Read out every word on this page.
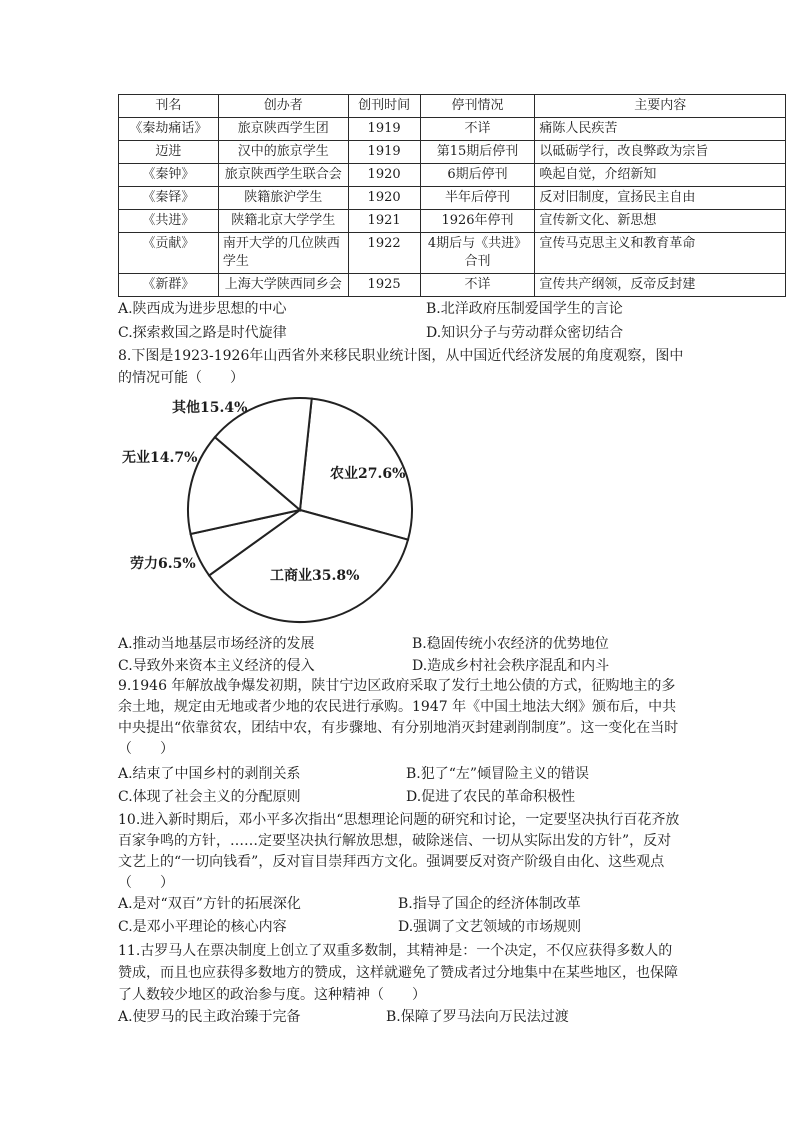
刊名	创办者	创刊时间	停刊情况	主要内容
《秦劫痛话》	旅京陕西学生团	1919	不详	痛陈人民疾苦
迈进	汉中的旅京学生	1919	第15期后停刊	以砥砺学行，改良弊政为宗旨
《秦钟》	旅京陕西学生联合会	1920	6期后停刊	唤起自觉，介绍新知
《秦铎》	陕籍旅沪学生	1920	半年后停刊	反对旧制度，宣扬民主自由
《共进》	陕籍北京大学学生	1921	1926年停刊	宣传新文化、新思想
《贡献》	南开大学的几位陕西学生	1922	4期后与《共进》合刊	宣传马克思主义和教育革命
《新群》	上海大学陕西同乡会	1925	不详	宣传共产纲领，反帝反封建
A.陕西成为进步思想的中心	B.北洋政府压制爱国学生的言论
C.探索救国之路是时代旋律	D.知识分子与劳动群众密切结合
8.下图是1923-1926年山西省外来移民职业统计图，从中国近代经济发展的角度观察，图中
的情况可能（　　）
农业27.6%
工商业35.8%
劳力6.5%
无业14.7%
其他15.4%
A.推动当地基层市场经济的发展	B.稳固传统小农经济的优势地位
C.导致外来资本主义经济的侵入	D.造成乡村社会秩序混乱和内斗
9.1946 年解放战争爆发初期，陕甘宁边区政府采取了发行土地公债的方式，征购地主的多余土地，规定由无地或者少地的农民进行承购。1947 年《中国土地法大纲》颁布后，中共中央提出“依靠贫农，团结中农，有步骤地、有分别地消灭封建剥削制度”。这一变化在当时（　　）
A.结束了中国乡村的剥削关系	B.犯了“左”倾冒险主义的错误
C.体现了社会主义的分配原则	D.促进了农民的革命积极性
10.进入新时期后，邓小平多次指出“思想理论问题的研究和讨论，一定要坚决执行百花齐放百家争鸣的方针，……定要坚决执行解放思想，破除迷信、一切从实际出发的方针”，反对文艺上的“一切向钱看”，反对盲目崇拜西方文化。强调要反对资产阶级自由化、这些观点（　　）
A.是对“双百”方针的拓展深化	B.指导了国企的经济体制改革
C.是邓小平理论的核心内容	D.强调了文艺领域的市场规则
11.古罗马人在票决制度上创立了双重多数制，其精神是：一个决定，不仅应获得多数人的赞成，而且也应获得多数地方的赞成，这样就避免了赞成者过分地集中在某些地区，也保障了人数较少地区的政治参与度。这种精神（　　）
A.使罗马的民主政治臻于完备	B.保障了罗马法向万民法过渡
